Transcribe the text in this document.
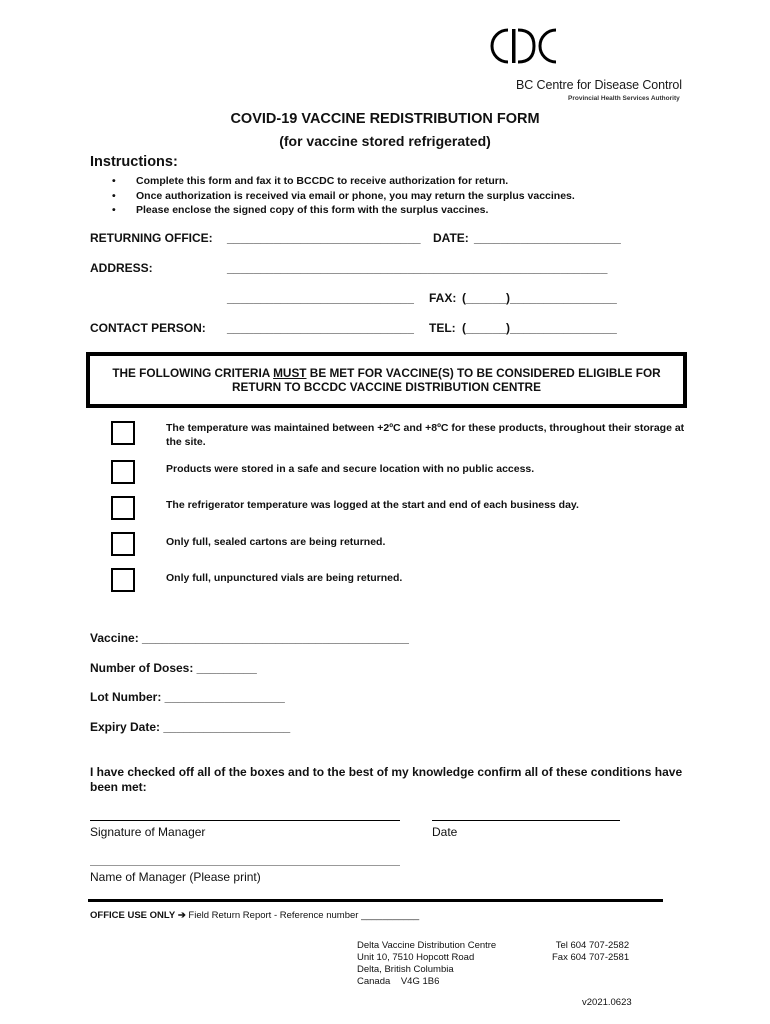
BC Centre for Disease Control
Provincial Health Services Authority
COVID-19 VACCINE REDISTRIBUTION FORM
(for vaccine stored refrigerated)
Instructions:
• Complete this form and fax it to BCCDC to receive authorization for return.
• Once authorization is received via email or phone, you may return the surplus vaccines.
• Please enclose the signed copy of this form with the surplus vaccines.
RETURNING OFFICE: _____________________________ DATE: ______________________
ADDRESS:	_________________________________________________________
____________________________ FAX: (______)________________
CONTACT PERSON: ____________________________ TEL: (______)________________
THE FOLLOWING CRITERIA MUST BE MET FOR VACCINE(S) TO BE CONSIDERED ELIGIBLE FOR
RETURN TO BCCDC VACCINE DISTRIBUTION CENTRE
The temperature was maintained between +2ºC and +8ºC for these products, throughout their storage at the site.
Products were stored in a safe and secure location with no public access.
The refrigerator temperature was logged at the start and end of each business day.
Only full, sealed cartons are being returned.
Only full, unpunctured vials are being returned.
Vaccine: ________________________________________
Number of Doses: _________
Lot Number: __________________
Expiry Date: ___________________
I have checked off all of the boxes and to the best of my knowledge confirm all of these conditions have been met:
Signature of Manager	Date
Name of Manager (Please print)
OFFICE USE ONLY ➔ Field Return Report - Reference number ___________
Delta Vaccine Distribution Centre
Unit 10, 7510 Hopcott Road
Delta, British Columbia
Canada    V4G 1B6
Tel 604 707-2582
Fax 604 707-2581
v2021.0623
